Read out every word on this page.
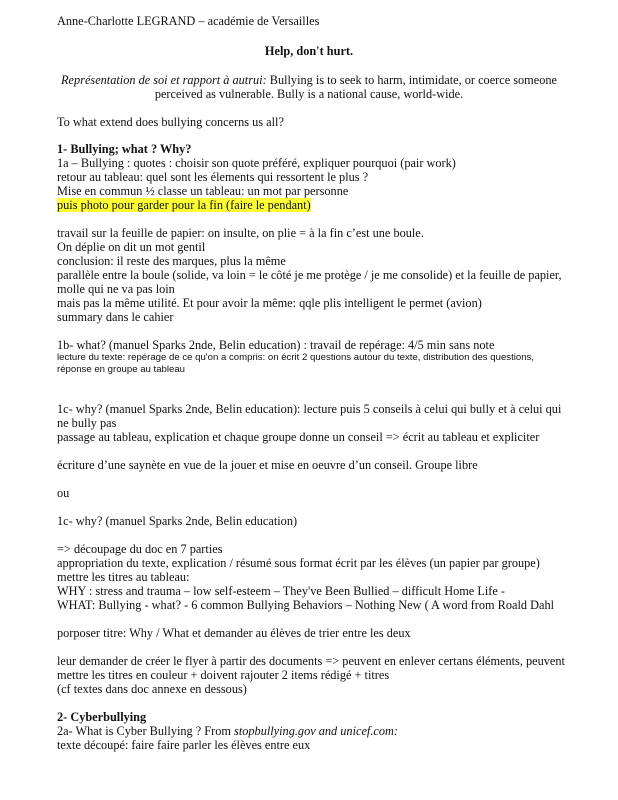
Anne-Charlotte LEGRAND – académie de Versailles
Help, don't hurt.
Représentation de soi et rapport à autrui: Bullying is to seek to harm, intimidate, or coerce someone
perceived as vulnerable. Bully is a national cause, world-wide.
To what extend does bullying concerns us all?
1- Bullying; what ? Why?
1a – Bullying : quotes : choisir son quote préféré, expliquer pourquoi (pair work)
retour au tableau: quel sont les élements qui ressortent le plus ?
Mise en commun ½ classe un tableau: un mot par personne
puis photo pour garder pour la fin (faire le pendant)
travail sur la feuille de papier: on insulte, on plie = à la fin c’est une boule.
On déplie on dit un mot gentil
conclusion: il reste des marques, plus la même
parallèle entre la boule (solide, va loin = le côté je me protège / je me consolide) et la feuille de papier,
molle qui ne va pas loin
mais pas la même utilité. Et pour avoir la même: qqle plis intelligent le permet (avion)
summary dans le cahier
1b- what? (manuel Sparks 2nde, Belin education) : travail de repérage: 4/5 min sans note
lecture du texte: repérage de ce qu'on a compris: on écrit 2 questions autour du texte, distribution des questions,
réponse en groupe au tableau
1c- why? (manuel Sparks 2nde, Belin education): lecture puis 5 conseils à celui qui bully et à celui qui
ne bully pas
passage au tableau, explication et chaque groupe donne un conseil => écrit au tableau et expliciter
écriture d’une saynète en vue de la jouer et mise en oeuvre d’un conseil. Groupe libre
ou
1c- why? (manuel Sparks 2nde, Belin education)
=> découpage du doc en 7 parties
appropriation du texte, explication / résumé sous format écrit par les élèves (un papier par groupe)
mettre les titres au tableau:
WHY : stress and trauma – low self-esteem – They've Been Bullied – difficult Home Life -
WHAT: Bullying - what? - 6 common Bullying Behaviors – Nothing New ( A word from Roald Dahl
porposer titre: Why / What et demander au élèves de trier entre les deux
leur demander de créer le flyer à partir des documents => peuvent en enlever certans éléments, peuvent
mettre les titres en couleur + doivent rajouter 2 items rédigé + titres
(cf textes dans doc annexe en dessous)
2- Cyberbullying
2a- What is Cyber Bullying ? From stopbullying.gov and unicef.com:
texte découpé: faire faire parler les élèves entre eux
